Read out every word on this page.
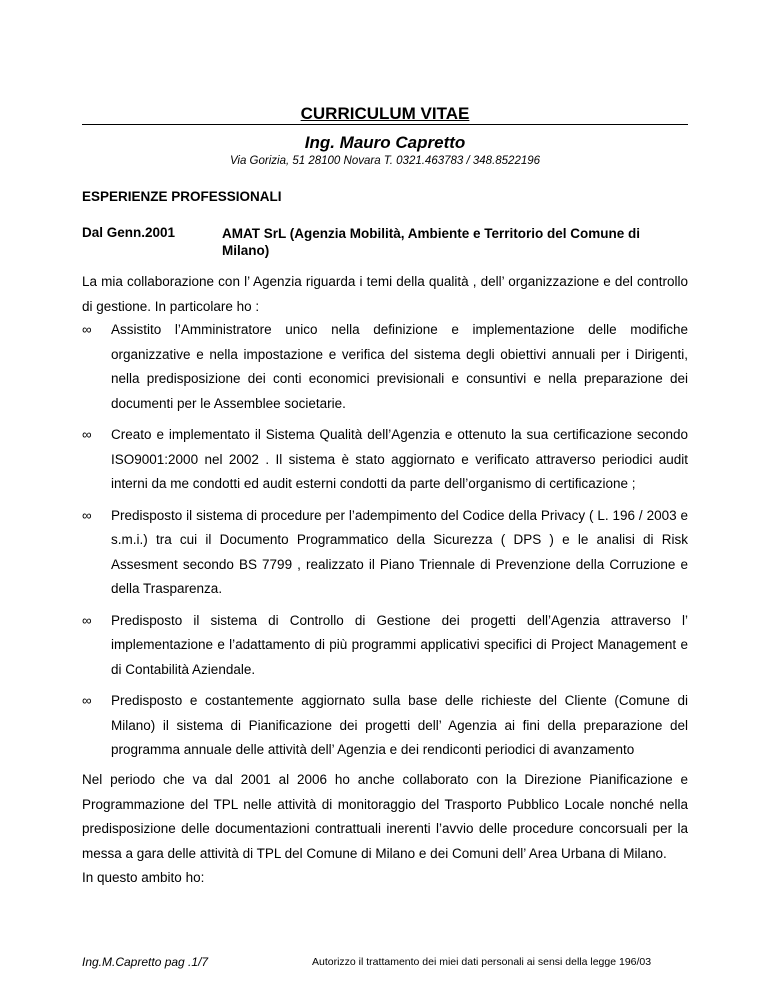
CURRICULUM VITAE
Ing. Mauro Capretto
Via Gorizia, 51 28100 Novara T. 0321.463783 / 348.8522196
ESPERIENZE PROFESSIONALI
Dal Genn.2001	AMAT SrL (Agenzia Mobilità, Ambiente e Territorio del Comune di Milano)
La mia collaborazione con l’ Agenzia riguarda i temi della qualità , dell’ organizzazione e del controllo di gestione. In particolare ho :
∞	Assistito l’Amministratore unico nella definizione e implementazione delle modifiche organizzative e nella impostazione e verifica del sistema degli obiettivi annuali per i Dirigenti, nella predisposizione dei conti economici previsionali e consuntivi e nella preparazione dei documenti per le Assemblee societarie.
∞	Creato e implementato il Sistema Qualità dell’Agenzia e ottenuto la sua certificazione secondo ISO9001:2000 nel 2002 . Il sistema è stato aggiornato e verificato attraverso periodici audit interni da me condotti ed audit esterni condotti da parte dell’organismo di certificazione ;
∞	Predisposto il sistema di procedure per l’adempimento del Codice della Privacy ( L. 196 / 2003 e s.m.i.) tra cui il Documento Programmatico della Sicurezza ( DPS ) e le analisi di Risk Assesment secondo BS 7799 , realizzato il Piano Triennale di Prevenzione della Corruzione e della Trasparenza.
∞	Predisposto il sistema di Controllo di Gestione dei progetti dell’Agenzia attraverso l’ implementazione e l’adattamento di più programmi applicativi specifici di Project Management e di Contabilità Aziendale.
∞	Predisposto e costantemente aggiornato sulla base delle richieste del Cliente (Comune di Milano) il sistema di Pianificazione dei progetti dell’ Agenzia ai fini della preparazione del programma annuale delle attività dell’ Agenzia e dei rendiconti periodici di avanzamento
Nel periodo che va dal 2001 al 2006 ho anche collaborato con la Direzione Pianificazione e Programmazione del TPL nelle attività di monitoraggio del Trasporto Pubblico Locale nonché nella predisposizione delle documentazioni contrattuali inerenti l’avvio delle procedure concorsuali per la messa a gara delle attività di TPL del Comune di Milano e dei Comuni dell’ Area Urbana di Milano.
In questo ambito ho:
Ing.M.Capretto pag .1/7	Autorizzo il trattamento dei miei dati personali ai sensi della legge 196/03
